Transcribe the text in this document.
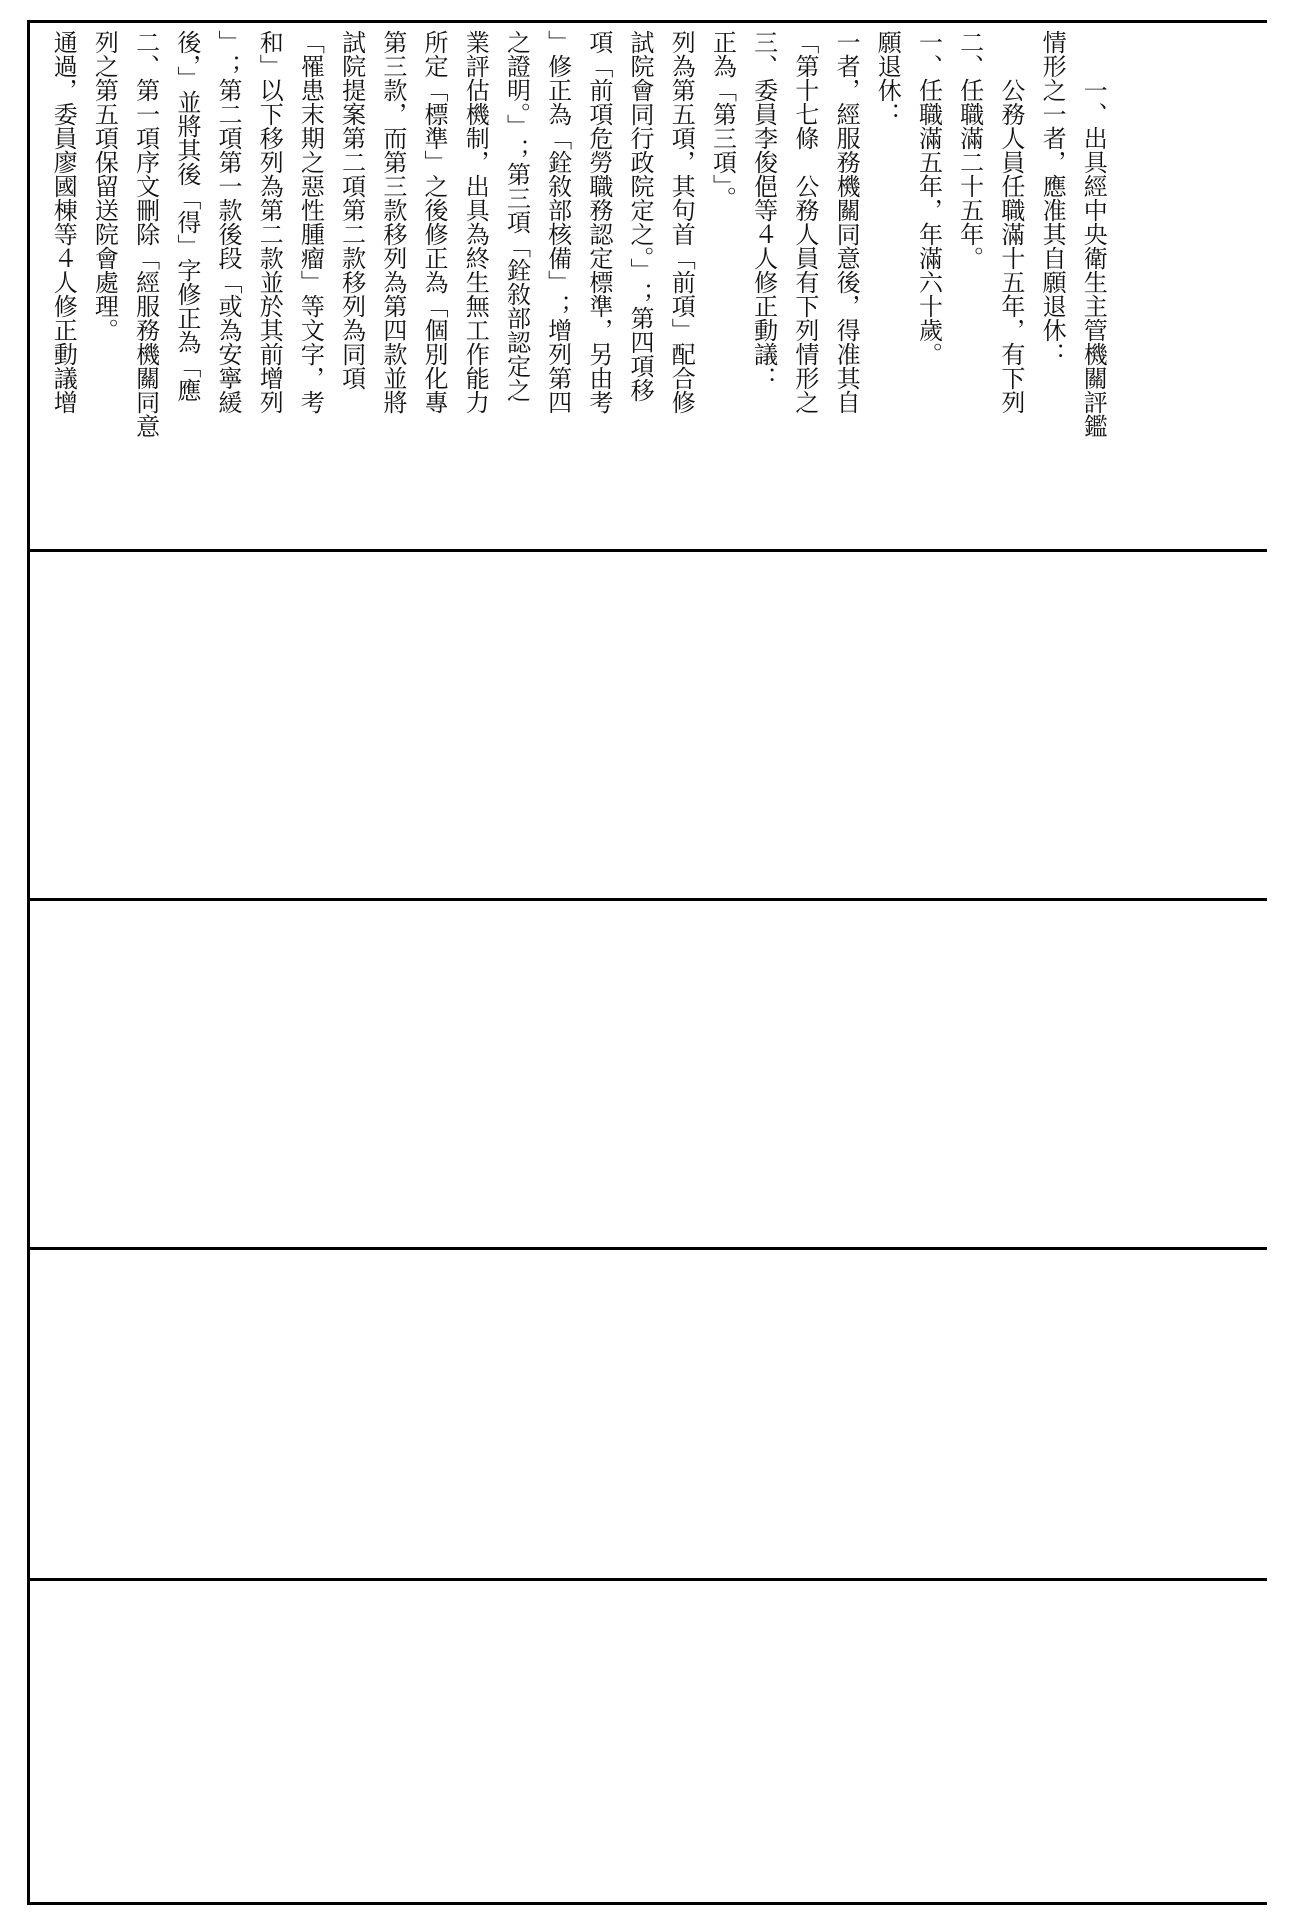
通過，委員廖國棟等４人修正動議增 列之第五項保留送院會處理。 二、第一項序文刪除「經服務機關同意 後，」並將其後「得」字修正為「應 」；第二項第一款後段「或為安寧緩 和」以下移列為第二款並於其前增列 「罹患末期之惡性腫瘤」等文字，考 試院提案第二項第二款移列為同項 第三款，而第三款移列為第四款並將 所定「標準」之後修正為「個別化專 業評估機制，出具為終生無工作能力 之證明。」；第三項「銓敘部認定之 」修正為「銓敘部核備」；增列第四 項「前項危勞職務認定標準，另由考 試院會同行政院定之。」；第四項移 列為第五項，其句首「前項」配合修 正為「第三項」。 三、委員李俊俋等４人修正動議： 「第十七條　公務人員有下列情形之 一者，經服務機關同意後，得准其自 願退休： 一、任職滿五年，年滿六十歲。 二、任職滿二十五年。 　　公務人員任職滿十五年，有下列 情形之一者，應准其自願退休： 　　一、出具經中央衛生主管機關評鑑
